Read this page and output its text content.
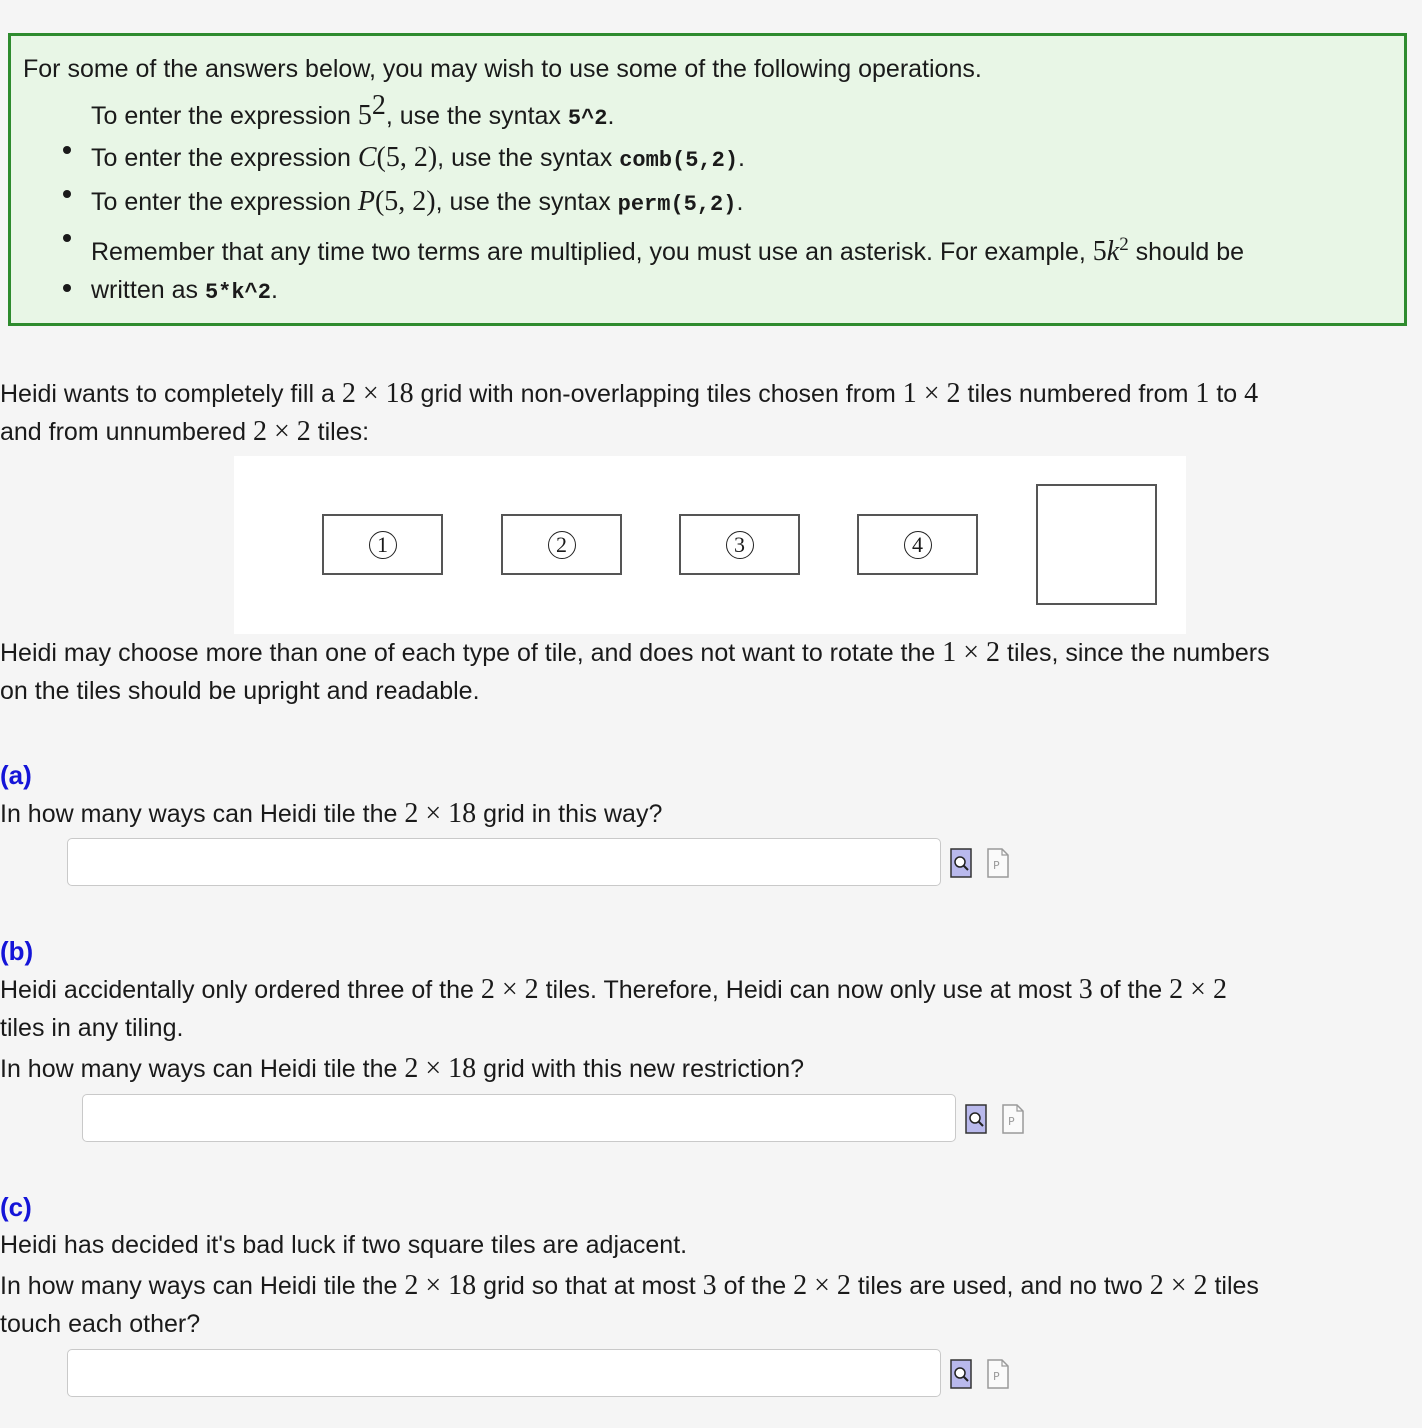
For some of the answers below, you may wish to use some of the following operations.
To enter the expression $5^2$, use the syntax 5^2.
To enter the expression C(5, 2), use the syntax comb(5,2).
To enter the expression P(5, 2), use the syntax perm(5,2).
Remember that any time two terms are multiplied, you must use an asterisk. For example, $5k^2$ should be
written as 5*k^2.
Heidi wants to completely fill a 2 × 18 grid with non-overlapping tiles chosen from 1 × 2 tiles numbered from 1 to 4
and from unnumbered 2 × 2 tiles:
1	2	3	4
Heidi may choose more than one of each type of tile, and does not want to rotate the 1 × 2 tiles, since the numbers
on the tiles should be upright and readable.
(a)
In how many ways can Heidi tile the 2 × 18 grid in this way?
P
(b)
Heidi accidentally only ordered three of the 2 × 2 tiles. Therefore, Heidi can now only use at most 3 of the 2 × 2
tiles in any tiling.
In how many ways can Heidi tile the 2 × 18 grid with this new restriction?
P
(c)
Heidi has decided it's bad luck if two square tiles are adjacent.
In how many ways can Heidi tile the 2 × 18 grid so that at most 3 of the 2 × 2 tiles are used, and no two 2 × 2 tiles
touch each other?
P
